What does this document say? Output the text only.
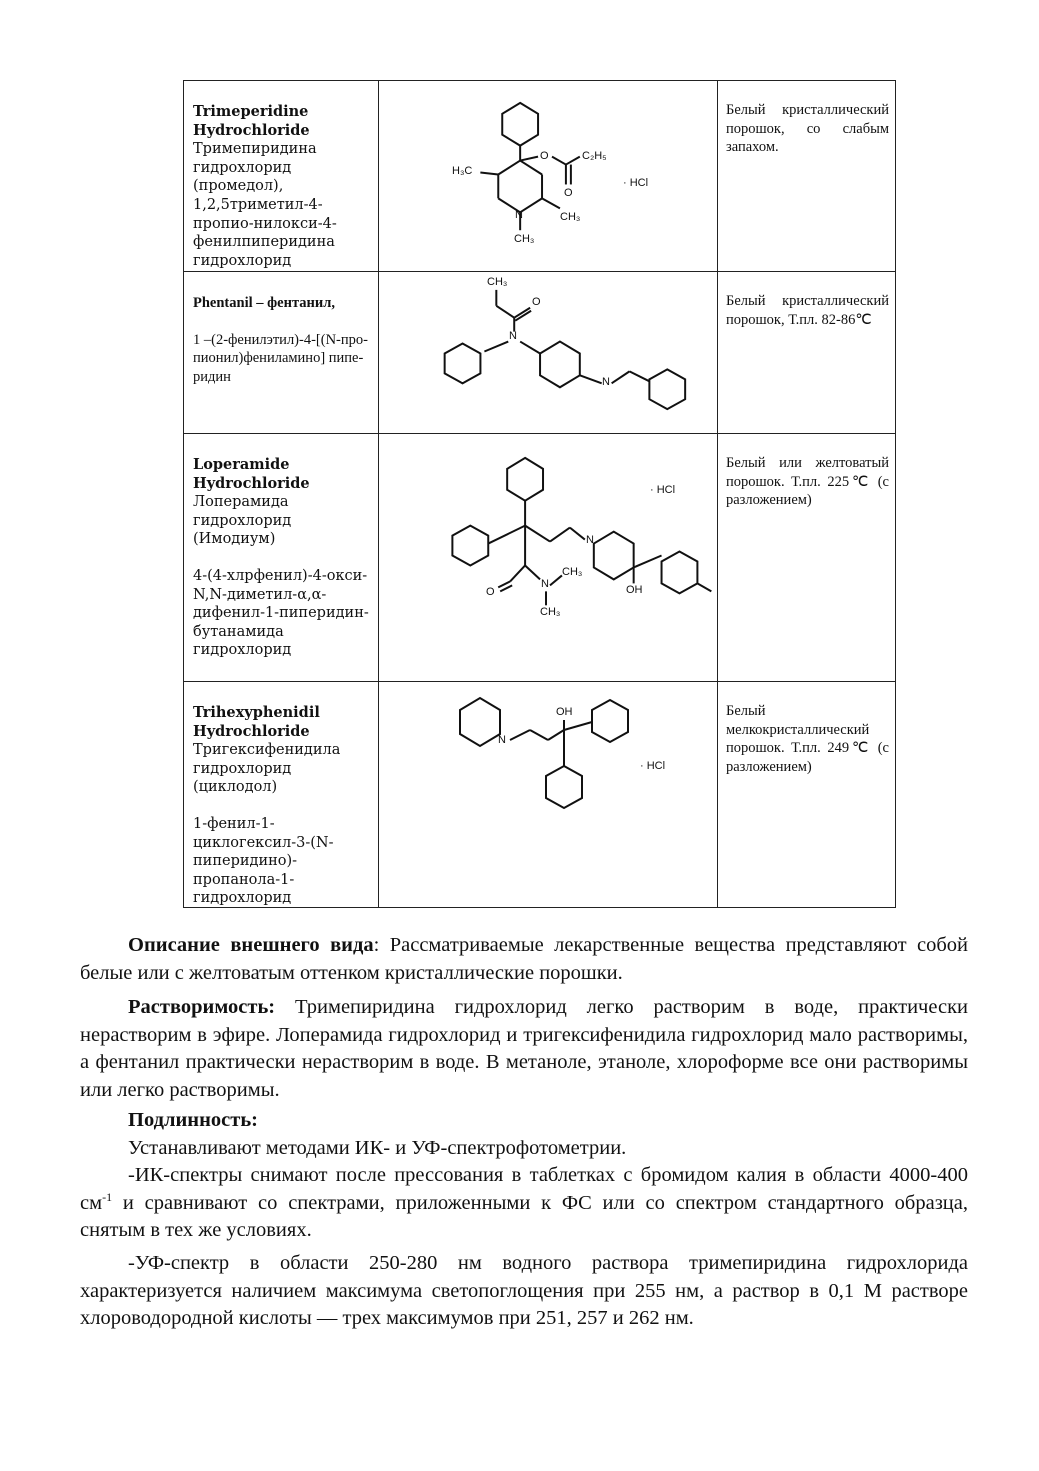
Trimeperidine Hydrochloride
Тримепиридина гидрохлорид (промедол),
1,2,5триметил-4-пропио-нилокси-4-фенилпиперидина гидрохлорид
H₃C
O	C₂H₅
O
N	CH₃
CH₃
· HCl
Белый кристаллический порошок, со слабым запахом.
Phentanil – фентанил,
1 –(2-фенилэтил)-4-[(N-про-пионил)фениламино] пипе-ридин
CH₃
O
N
N
Белый кристаллический порошок, Т.пл. 82-86℃
Loperamide Hydrochloride
Лоперамида гидрохлорид (Имодиум)
4-(4-хлрфенил)-4-окси-N,N-диметил-α,α-дифенил-1-пиперидин-бутанамида гидрохлорид
· HCl
N
O
N
CH₃
CH₃
OH
Белый или желтоватый порошок. Т.пл. 225℃ (с разложением)
Trihexyphenidil Hydrochloride
Тригексифенидила гидрохлорид (циклодол)
1-фенил-1-циклогексил-3-(N-пиперидино)-пропанола-1-гидрохлорид
N
OH
· HCl
Белый мелкокристаллический порошок. Т.пл. 249℃ (с разложением)
Описание внешнего вида: Рассматриваемые лекарственные вещества представляют собой белые или с желтоватым оттенком кристаллические порошки.
Растворимость: Тримепиридина гидрохлорид легко растворим в воде, практически нерастворим в эфире. Лоперамида гидрохлорид и тригексифенидила гидрохлорид мало растворимы, а фентанил практически нерастворим в воде. В метаноле, этаноле, хлороформе все они растворимы или легко растворимы.
Подлинность:
Устанавливают методами ИК- и УФ-спектрофотометрии.
-ИК-спектры снимают после прессования в таблетках с бромидом калия в области 4000-400 $см^{-1}$ и сравнивают со спектрами, приложенными к ФС или со спектром стандартного образца, снятым в тех же условиях.
-УФ-спектр в области 250-280 нм водного раствора тримепиридина гидрохлорида характеризуется наличием максимума светопоглощения при 255 нм, а раствор в 0,1 М растворе хлороводородной кислоты — трех максимумов при 251, 257 и 262 нм.
